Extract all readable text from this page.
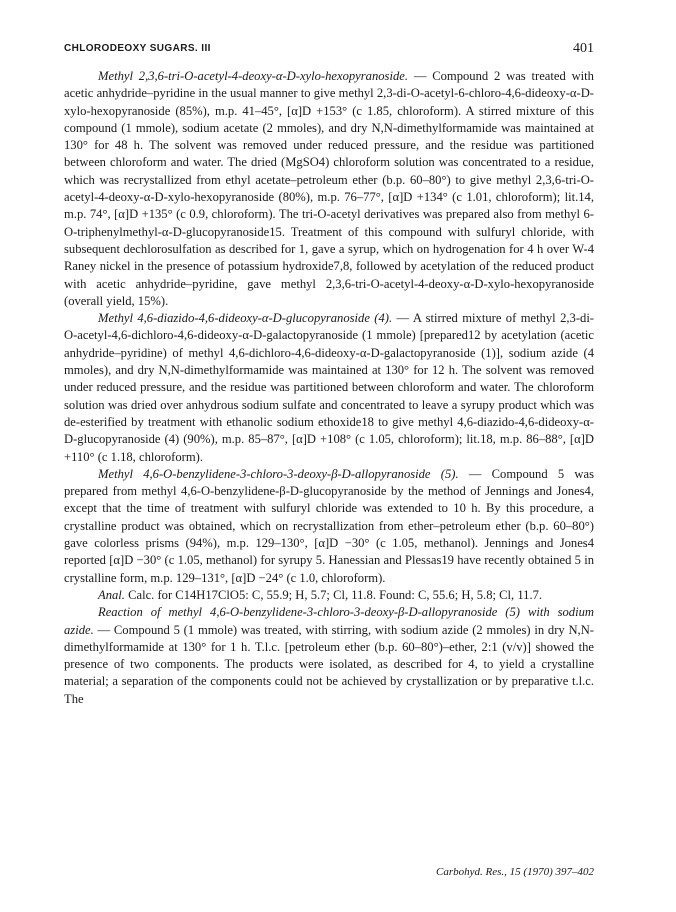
CHLORODEOXY SUGARS. III	401

Methyl 2,3,6-tri-O-acetyl-4-deoxy-α-D-xylo-hexopyranoside. — Compound 2 was treated with acetic anhydride–pyridine in the usual manner to give methyl 2,3-di-O-acetyl-6-chloro-4,6-dideoxy-α-D-xylo-hexopyranoside (85%), m.p. 41–45°, [α]D +153° (c 1.85, chloroform). A stirred mixture of this compound (1 mmole), sodium acetate (2 mmoles), and dry N,N-dimethylformamide was maintained at 130° for 48 h. The solvent was removed under reduced pressure, and the residue was partitioned between chloroform and water. The dried (MgSO4) chloroform solution was concentrated to a residue, which was recrystallized from ethyl acetate–petroleum ether (b.p. 60–80°) to give methyl 2,3,6-tri-O-acetyl-4-deoxy-α-D-xylo-hexopyranoside (80%), m.p. 76–77°, [α]D +134° (c 1.01, chloroform); lit.14, m.p. 74°, [α]D +135° (c 0.9, chloroform). The tri-O-acetyl derivatives was prepared also from methyl 6-O-triphenylmethyl-α-D-glucopyranoside15. Treatment of this compound with sulfuryl chloride, with subsequent dechlorosulfation as described for 1, gave a syrup, which on hydrogenation for 4 h over W-4 Raney nickel in the presence of potassium hydroxide7,8, followed by acetylation of the reduced product with acetic anhydride–pyridine, gave methyl 2,3,6-tri-O-acetyl-4-deoxy-α-D-xylo-hexopyranoside (overall yield, 15%).

Methyl 4,6-diazido-4,6-dideoxy-α-D-glucopyranoside (4). — A stirred mixture of methyl 2,3-di-O-acetyl-4,6-dichloro-4,6-dideoxy-α-D-galactopyranoside (1 mmole) [prepared12 by acetylation (acetic anhydride–pyridine) of methyl 4,6-dichloro-4,6-dideoxy-α-D-galactopyranoside (1)], sodium azide (4 mmoles), and dry N,N-dimethylformamide was maintained at 130° for 12 h. The solvent was removed under reduced pressure, and the residue was partitioned between chloroform and water. The chloroform solution was dried over anhydrous sodium sulfate and concentrated to leave a syrupy product which was de-esterified by treatment with ethanolic sodium ethoxide18 to give methyl 4,6-diazido-4,6-dideoxy-α-D-glucopyranoside (4) (90%), m.p. 85–87°, [α]D +108° (c 1.05, chloroform); lit.18, m.p. 86–88°, [α]D +110° (c 1.18, chloroform).

Methyl 4,6-O-benzylidene-3-chloro-3-deoxy-β-D-allopyranoside (5). — Compound 5 was prepared from methyl 4,6-O-benzylidene-β-D-glucopyranoside by the method of Jennings and Jones4, except that the time of treatment with sulfuryl chloride was extended to 10 h. By this procedure, a crystalline product was obtained, which on recrystallization from ether–petroleum ether (b.p. 60–80°) gave colorless prisms (94%), m.p. 129–130°, [α]D −30° (c 1.05, methanol). Jennings and Jones4 reported [α]D −30° (c 1.05, methanol) for syrupy 5. Hanessian and Plessas19 have recently obtained 5 in crystalline form, m.p. 129–131°, [α]D −24° (c 1.0, chloroform).

Anal. Calc. for C14H17ClO5: C, 55.9; H, 5.7; Cl, 11.8. Found: C, 55.6; H, 5.8; Cl, 11.7.

Reaction of methyl 4,6-O-benzylidene-3-chloro-3-deoxy-β-D-allopyranoside (5) with sodium azide. — Compound 5 (1 mmole) was treated, with stirring, with sodium azide (2 mmoles) in dry N,N-dimethylformamide at 130° for 1 h. T.l.c. [petroleum ether (b.p. 60–80°)–ether, 2:1 (v/v)] showed the presence of two components. The products were isolated, as described for 4, to yield a crystalline material; a separation of the components could not be achieved by crystallization or by preparative t.l.c. The

Carbohyd. Res., 15 (1970) 397–402
